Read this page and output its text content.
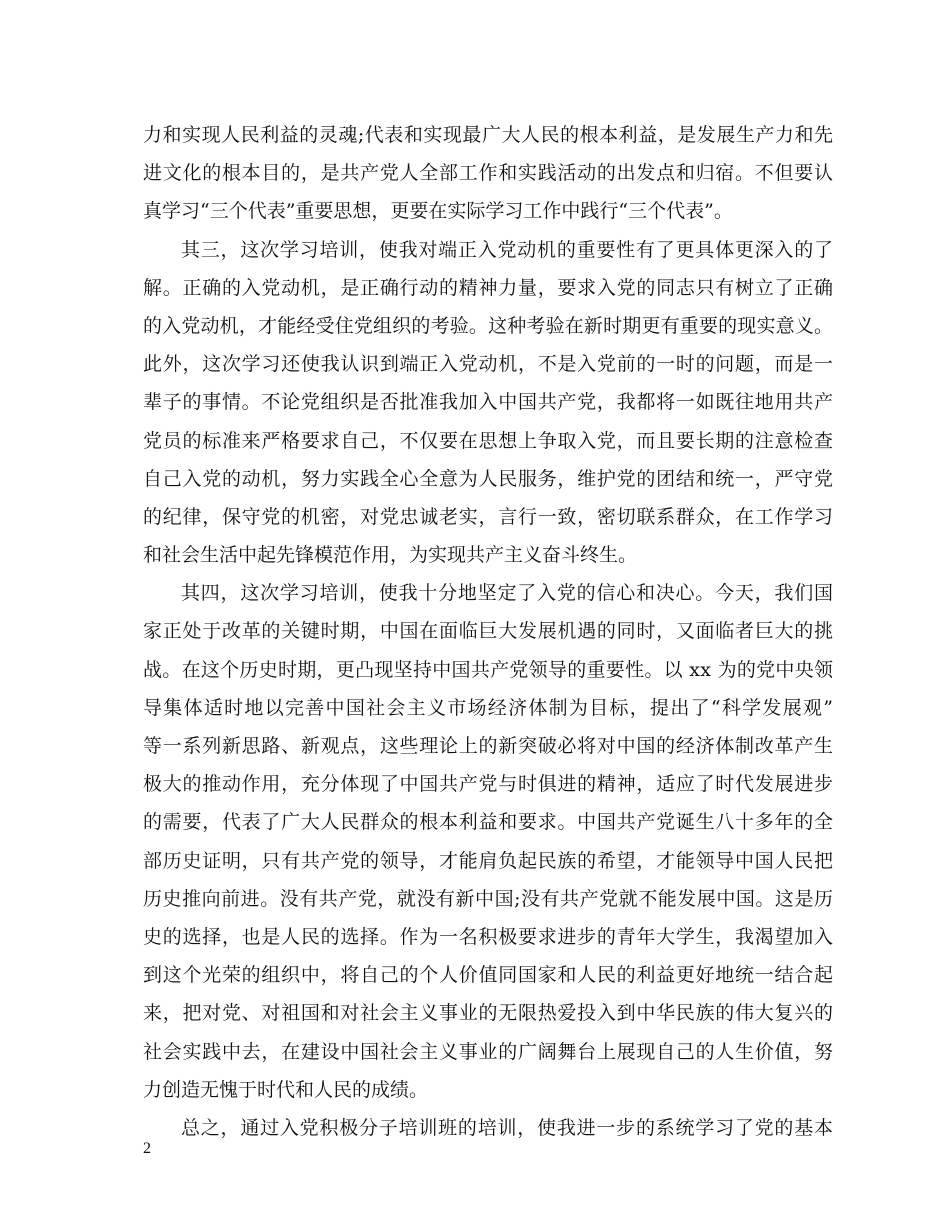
力和实现人民利益的灵魂;代表和实现最广大人民的根本利益，是发展生产力和先
进文化的根本目的，是共产党人全部工作和实践活动的出发点和归宿。不但要认
真学习“三个代表”重要思想，更要在实际学习工作中践行“三个代表”。
其三，这次学习培训，使我对端正入党动机的重要性有了更具体更深入的了
解。正确的入党动机，是正确行动的精神力量，要求入党的同志只有树立了正确
的入党动机，才能经受住党组织的考验。这种考验在新时期更有重要的现实意义。
此外，这次学习还使我认识到端正入党动机，不是入党前的一时的问题，而是一
辈子的事情。不论党组织是否批准我加入中国共产党，我都将一如既往地用共产
党员的标准来严格要求自己，不仅要在思想上争取入党，而且要长期的注意检查
自己入党的动机，努力实践全心全意为人民服务，维护党的团结和统一，严守党
的纪律，保守党的机密，对党忠诚老实，言行一致，密切联系群众，在工作学习
和社会生活中起先锋模范作用，为实现共产主义奋斗终生。
其四，这次学习培训，使我十分地坚定了入党的信心和决心。今天，我们国
家正处于改革的关键时期，中国在面临巨大发展机遇的同时，又面临者巨大的挑
战。在这个历史时期，更凸现坚持中国共产党领导的重要性。以 xx 为的党中央领
导集体适时地以完善中国社会主义市场经济体制为目标，提出了“科学发展观”
等一系列新思路、新观点，这些理论上的新突破必将对中国的经济体制改革产生
极大的推动作用，充分体现了中国共产党与时俱进的精神，适应了时代发展进步
的需要，代表了广大人民群众的根本利益和要求。中国共产党诞生八十多年的全
部历史证明，只有共产党的领导，才能肩负起民族的希望，才能领导中国人民把
历史推向前进。没有共产党，就没有新中国;没有共产党就不能发展中国。这是历
史的选择，也是人民的选择。作为一名积极要求进步的青年大学生，我渴望加入
到这个光荣的组织中，将自己的个人价值同国家和人民的利益更好地统一结合起
来，把对党、对祖国和对社会主义事业的无限热爱投入到中华民族的伟大复兴的
社会实践中去，在建设中国社会主义事业的广阔舞台上展现自己的人生价值，努
力创造无愧于时代和人民的成绩。
总之，通过入党积极分子培训班的培训，使我进一步的系统学习了党的基本
2
